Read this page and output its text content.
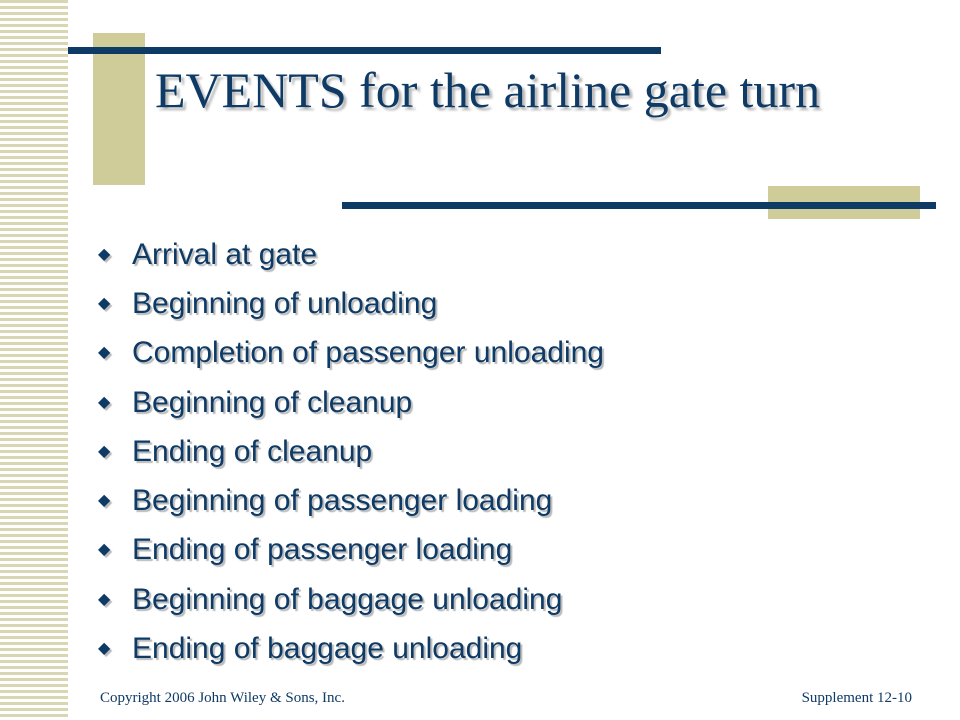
EVENTS for the airline gate turn
◆ Arrival at gate
◆ Beginning of unloading
◆ Completion of passenger unloading
◆ Beginning of cleanup
◆ Ending of cleanup
◆ Beginning of passenger loading
◆ Ending of passenger loading
◆ Beginning of baggage unloading
◆ Ending of baggage unloading

Copyright 2006 John Wiley & Sons, Inc.	Supplement 12-10
